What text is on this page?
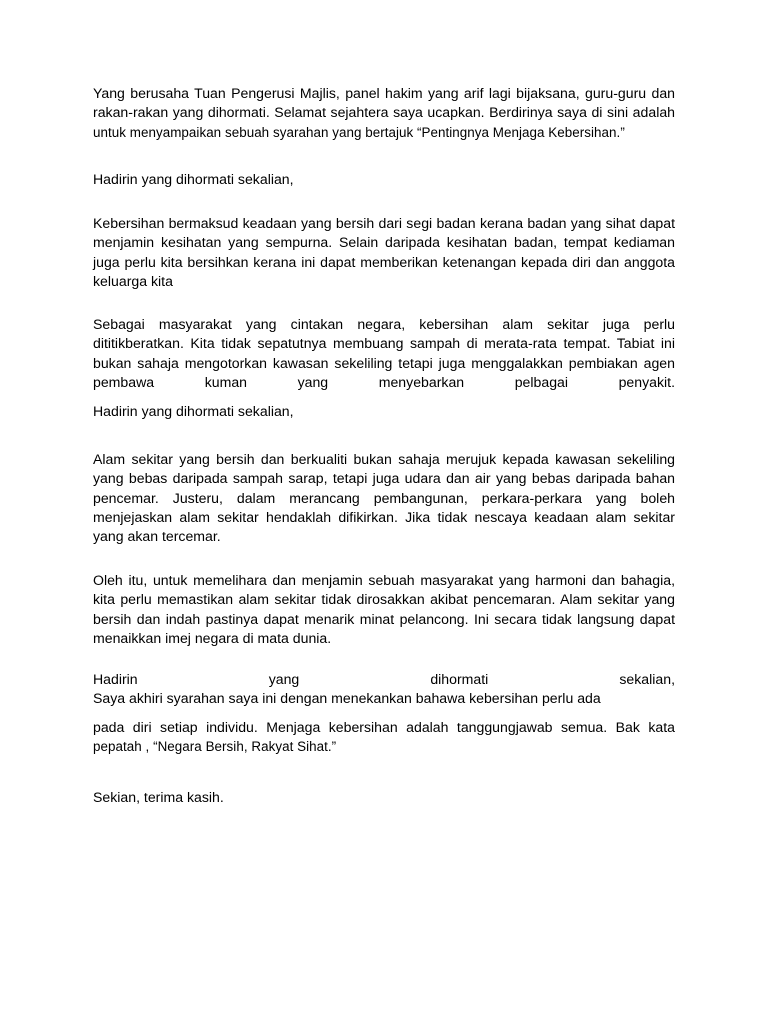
Yang berusaha Tuan Pengerusi Majlis, panel hakim yang arif lagi bijaksana, guru-guru dan
rakan-rakan yang dihormati. Selamat sejahtera saya ucapkan. Berdirinya saya di sini adalah
untuk menyampaikan sebuah syarahan yang bertajuk “Pentingnya Menjaga Kebersihan.”

Hadirin yang dihormati sekalian,

Kebersihan bermaksud keadaan yang bersih dari segi badan kerana badan yang sihat dapat
menjamin kesihatan yang sempurna. Selain daripada kesihatan badan, tempat kediaman
juga perlu kita bersihkan kerana ini dapat memberikan ketenangan kepada diri dan anggota
keluarga kita

Sebagai masyarakat yang cintakan negara, kebersihan alam sekitar juga perlu
dititikberatkan. Kita tidak sepatutnya membuang sampah di merata-rata tempat. Tabiat ini
bukan sahaja mengotorkan kawasan sekeliling tetapi juga menggalakkan pembiakan agen
pembawa kuman yang menyebarkan pelbagai penyakit.

Hadirin yang dihormati sekalian,

Alam sekitar yang bersih dan berkualiti bukan sahaja merujuk kepada kawasan sekeliling
yang bebas daripada sampah sarap, tetapi juga udara dan air yang bebas daripada bahan
pencemar. Justeru, dalam merancang pembangunan, perkara-perkara yang boleh
menjejaskan alam sekitar hendaklah difikirkan. Jika tidak nescaya keadaan alam sekitar
yang akan tercemar.

Oleh itu, untuk memelihara dan menjamin sebuah masyarakat yang harmoni dan bahagia,
kita perlu memastikan alam sekitar tidak dirosakkan akibat pencemaran. Alam sekitar yang
bersih dan indah pastinya dapat menarik minat pelancong. Ini secara tidak langsung dapat
menaikkan imej negara di mata dunia.

Hadirin yang dihormati sekalian,
Saya akhiri syarahan saya ini dengan menekankan bahawa kebersihan perlu ada

pada diri setiap individu. Menjaga kebersihan adalah tanggungjawab semua. Bak kata
pepatah , “Negara Bersih, Rakyat Sihat.”

Sekian, terima kasih.
